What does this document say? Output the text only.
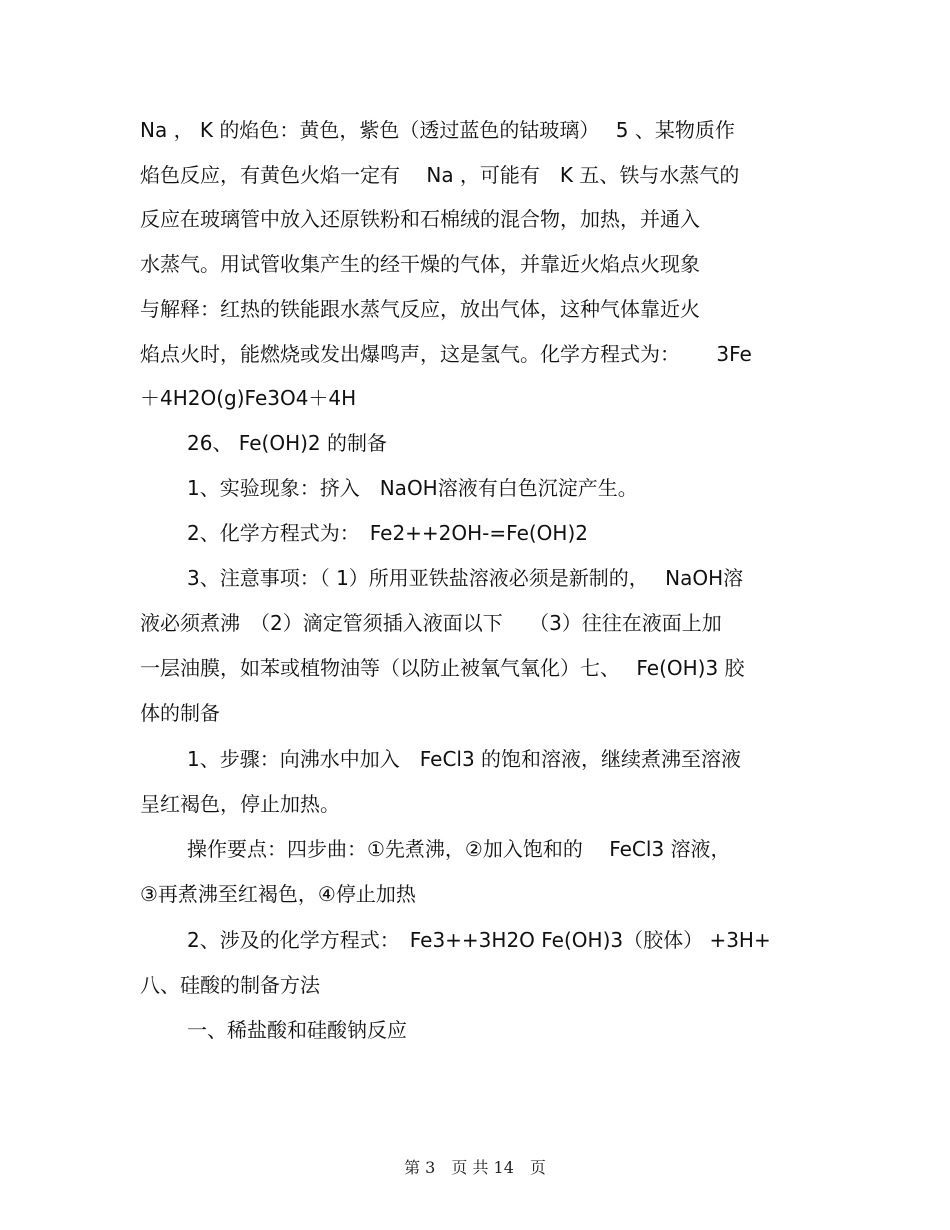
Na ， K 的焰色：黄色，紫色（透过蓝色的钴玻璃）　 5 、某物质作
焰色反应，有黄色火焰一定有　 Na ，可能有　K 五、铁与水蒸气的
反应在玻璃管中放入还原铁粉和石棉绒的混合物，加热，并通入
水蒸气。用试管收集产生的经干燥的气体，并靠近火焰点火现象
与解释：红热的铁能跟水蒸气反应，放出气体，这种气体靠近火
焰点火时，能燃烧或发出爆鸣声，这是氢气。化学方程式为：　　 3Fe
＋4H2O(g)Fe3O4＋4H
26、 Fe(OH)2 的制备
1、实验现象：挤入　NaOH溶液有白色沉淀产生。
2、化学方程式为：　Fe2++2OH-=Fe(OH)2
3、注意事项：（ 1）所用亚铁盐溶液必须是新制的，　 NaOH溶
液必须煮沸　（2）滴定管须插入液面以下　 （3）往往在液面上加
一层油膜，如苯或植物油等（以防止被氧气氧化）七、　 Fe(OH)3 胶
体的制备
1、步骤：向沸水中加入　FeCl3 的饱和溶液，继续煮沸至溶液
呈红褐色，停止加热。
操作要点：四步曲：①先煮沸，②加入饱和的　 FeCl3 溶液，
③再煮沸至红褐色，④停止加热
2、涉及的化学方程式：　Fe3++3H2O Fe(OH)3（胶体） +3H+
八、硅酸的制备方法
一、稀盐酸和硅酸钠反应
第 3　页 共 14　页
